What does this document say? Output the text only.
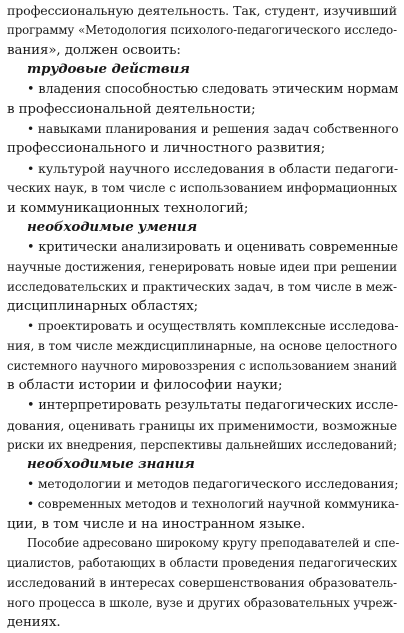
профессиональную деятельность. Так, студент, изучивший
программу «Методология психолого-педагогического исследо-
вания», должен освоить:
трудовые действия
• владения способностью следовать этическим нормам
в профессиональной деятельности;
• навыками планирования и решения задач собственного
профессионального и личностного развития;
• культурой научного исследования в области педагоги-
ческих наук, в том числе с использованием информационных
и коммуникационных технологий;
необходимые умения
• критически анализировать и оценивать современные
научные достижения, генерировать новые идеи при решении
исследовательских и практических задач, в том числе в меж-
дисциплинарных областях;
• проектировать и осуществлять комплексные исследова-
ния, в том числе междисциплинарные, на основе целостного
системного научного мировоззрения с использованием знаний
в области истории и философии науки;
• интерпретировать результаты педагогических иссле-
дования, оценивать границы их применимости, возможные
риски их внедрения, перспективы дальнейших исследований;
необходимые знания
• методологии и методов педагогического исследования;
• современных методов и технологий научной коммуника-
ции, в том числе и на иностранном языке.
Пособие адресовано широкому кругу преподавателей и спе-
циалистов, работающих в области проведения педагогических
исследований в интересах совершенствования образователь-
ного процесса в школе, вузе и других образовательных учреж-
дениях.
